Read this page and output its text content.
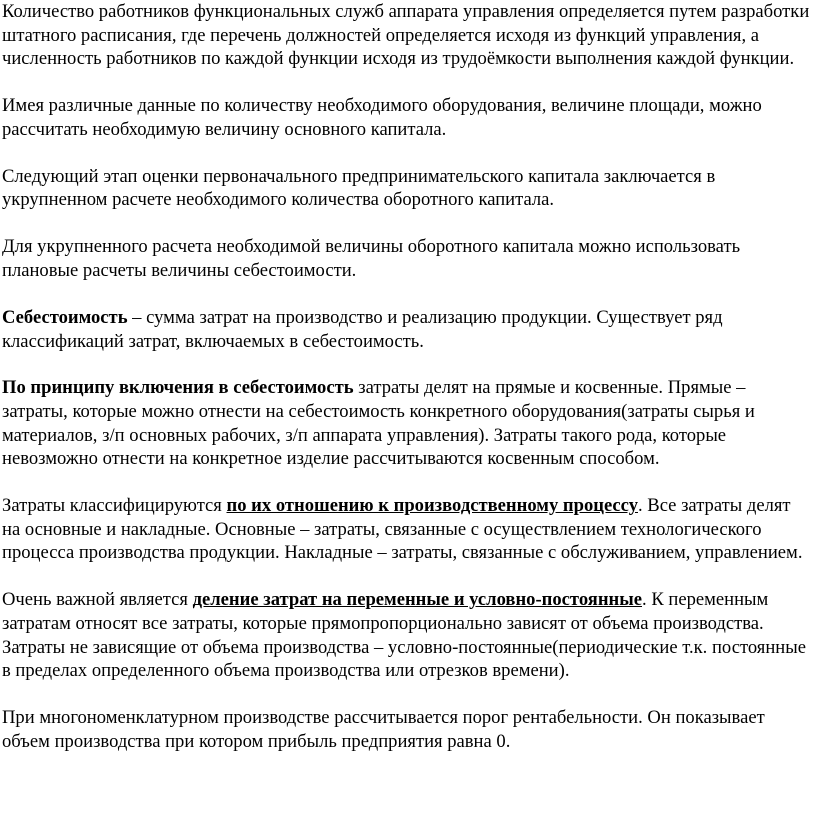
Количество работников функциональных служб аппарата управления определяется путем разработки штатного расписания, где перечень должностей определяется исходя из функций управления, а численность работников по каждой функции исходя из трудоёмкости выполнения каждой функции.

Имея различные данные по количеству необходимого оборудования, величине площади, можно рассчитать необходимую величину основного капитала.

Следующий этап оценки первоначального предпринимательского капитала заключается в укрупненном расчете необходимого количества оборотного капитала.

Для укрупненного расчета необходимой величины оборотного капитала можно использовать плановые расчеты величины себестоимости.

Себестоимость – сумма затрат на производство и реализацию продукции. Существует ряд классификаций затрат, включаемых в себестоимость.

По принципу включения в себестоимость затраты делят на прямые и косвенные. Прямые – затраты, которые можно отнести на себестоимость конкретного оборудования(затраты сырья и материалов, з/п основных рабочих, з/п аппарата управления). Затраты такого рода, которые невозможно отнести на конкретное изделие рассчитываются косвенным способом.

Затраты классифицируются по их отношению к производственному процессу. Все затраты делят на основные и накладные. Основные – затраты, связанные с осуществлением технологического процесса производства продукции. Накладные – затраты, связанные с обслуживанием, управлением.

Очень важной является деление затрат на переменные и условно-постоянные. К переменным затратам относят все затраты, которые прямопропорционально зависят от объема производства. Затраты не зависящие от объема производства – условно-постоянные(периодические т.к. постоянные в пределах определенного объема производства или отрезков времени).

При многономенклатурном производстве рассчитывается порог рентабельности. Он показывает объем производства при котором прибыль предприятия равна 0.
